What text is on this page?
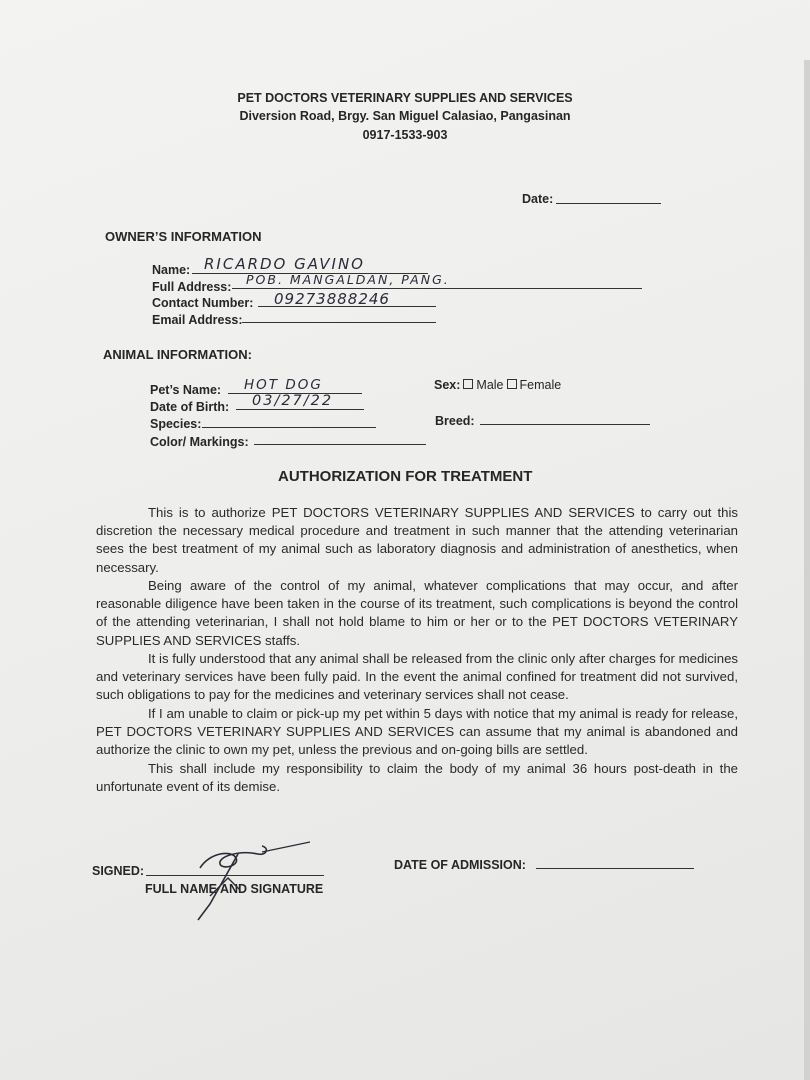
PET DOCTORS VETERINARY SUPPLIES AND SERVICES
Diversion Road, Brgy. San Miguel Calasiao, Pangasinan
0917-1533-903
Date:
OWNER’S INFORMATION
Name: RICARDO GAVINO
Full Address: POB. MANGALDAN, PANG.
Contact Number: 09273888246
Email Address:
ANIMAL INFORMATION:
Pet’s Name: HOT DOG
Date of Birth: 03/27/22
Species:
Color/ Markings:
Sex: Male Female
Breed:
AUTHORIZATION FOR TREATMENT
This is to authorize PET DOCTORS VETERINARY SUPPLIES AND SERVICES to carry out this discretion the necessary medical procedure and treatment in such manner that the attending veterinarian sees the best treatment of my animal such as laboratory diagnosis and administration of anesthetics, when necessary.
Being aware of the control of my animal, whatever complications that may occur, and after reasonable diligence have been taken in the course of its treatment, such complications is beyond the control of the attending veterinarian, I shall not hold blame to him or her or to the PET DOCTORS VETERINARY SUPPLIES AND SERVICES staffs.
It is fully understood that any animal shall be released from the clinic only after charges for medicines and veterinary services have been fully paid. In the event the animal confined for treatment did not survived, such obligations to pay for the medicines and veterinary services shall not cease.
If I am unable to claim or pick-up my pet within 5 days with notice that my animal is ready for release, PET DOCTORS VETERINARY SUPPLIES AND SERVICES can assume that my animal is abandoned and authorize the clinic to own my pet, unless the previous and on-going bills are settled.
This shall include my responsibility to claim the body of my animal 36 hours post-death in the unfortunate event of its demise.
SIGNED:
FULL NAME AND SIGNATURE
DATE OF ADMISSION:
